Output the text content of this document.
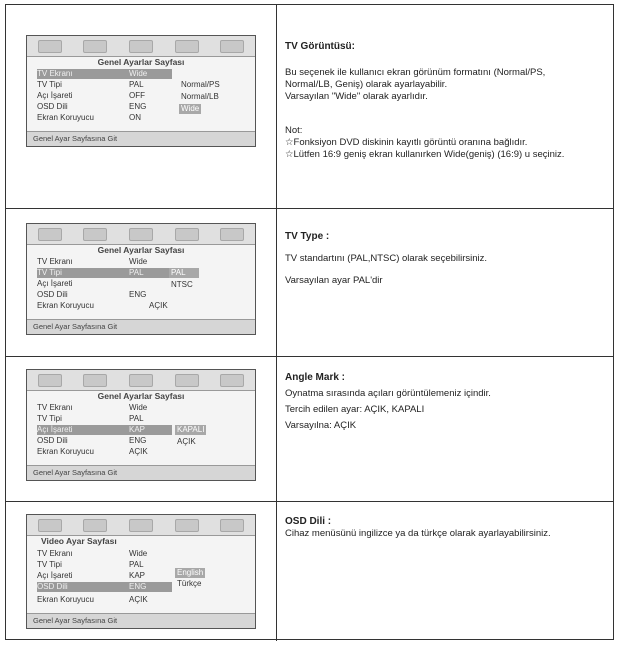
Genel Ayarlar Sayfası
TV Ekranı	Wide
TV Tipi	PAL
Açı İşareti	OFF
OSD Dili	ENG
Ekran Koruyucu	ON
Normal/PS
Normal/LB
Wide
Genel Ayar Sayfasına Git
TV Görüntüsü:
Bu seçenek ile kullanıcı ekran görünüm formatını (Normal/PS,
Normal/LB, Geniş) olarak ayarlayabilir.
Varsayılan "Wide" olarak ayarlıdır.
Not:
☆Fonksiyon DVD diskinin kayıtlı görüntü oranına bağlıdır.
☆Lütfen 16:9 geniş ekran kullanırken Wide(geniş) (16:9) u seçiniz.
Genel Ayarlar Sayfası
TV Ekranı	Wide
TV Tipi	PAL
Açı İşareti
OSD Dili	ENG
Ekran Koruyucu	AÇIK
PAL
NTSC
Genel Ayar Sayfasına Git
TV Type :
TV standartını (PAL,NTSC) olarak seçebilirsiniz.
Varsayılan ayar PAL'dir
Genel Ayarlar Sayfası
TV Ekranı	Wide
TV Tipi	PAL
Açı İşareti	KAP
OSD Dili	ENG
Ekran Koruyucu	AÇIK
KAPALI
AÇIK
Genel Ayar Sayfasına Git
Angle Mark :
Oynatma sırasında açıları görüntülemeniz içindir.
Tercih edilen ayar: AÇIK, KAPALI
Varsayılna: AÇIK
Video Ayar Sayfası
TV Ekranı	Wide
TV Tipi	PAL
Açı İşareti	KAP
OSD Dili	ENG
Ekran Koruyucu	AÇIK
English
Türkçe
Genel Ayar Sayfasına Git
OSD Dili :
Cihaz menüsünü ingilizce ya da türkçe olarak ayarlayabilirsiniz.
